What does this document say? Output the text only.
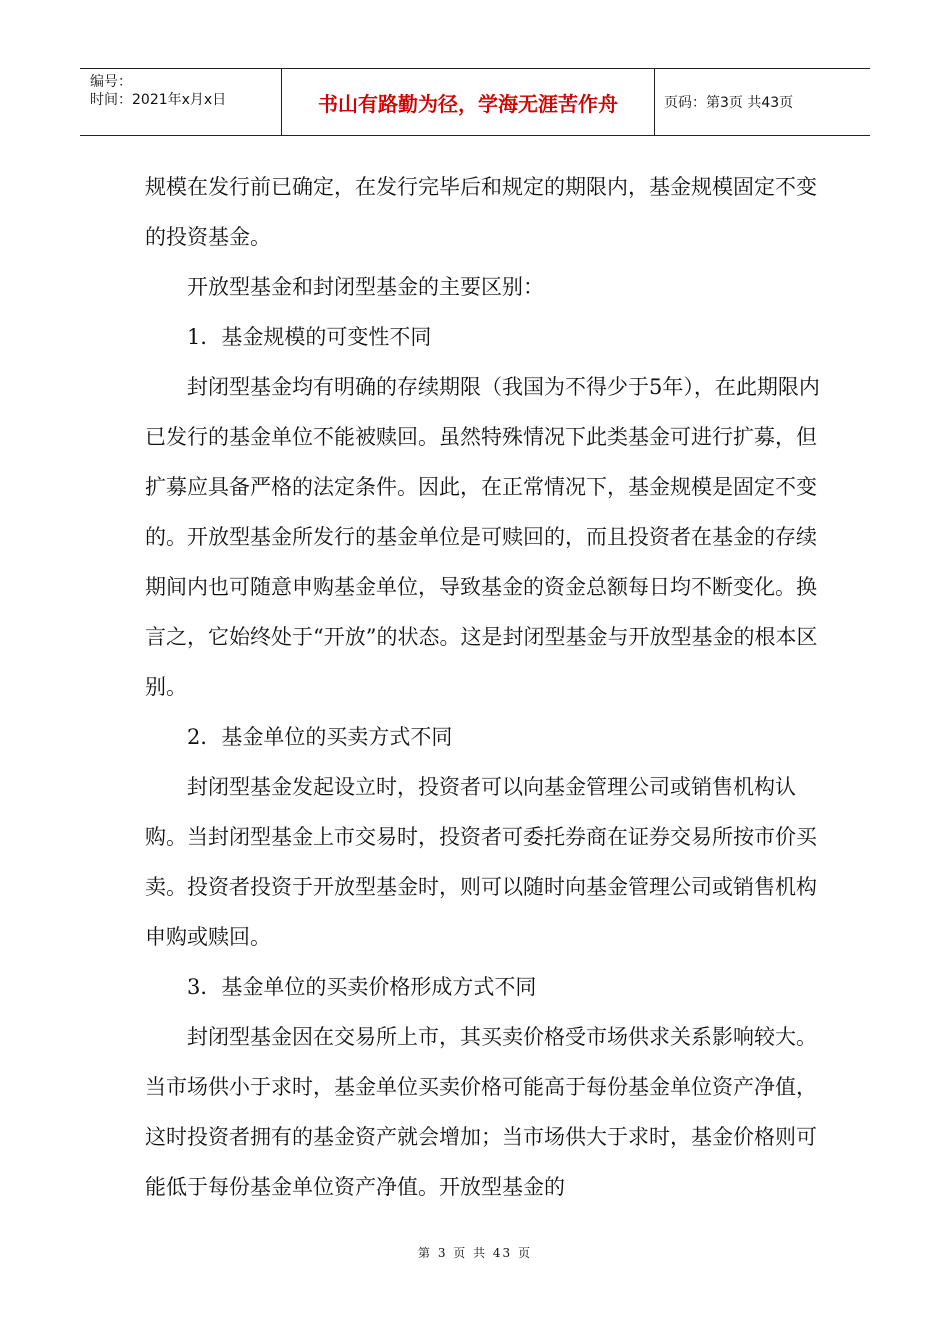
编号：
时间：2021年x月x日	书山有路勤为径，学海无涯苦作舟	页码：第3页 共43页

规模在发行前已确定，在发行完毕后和规定的期限内，基金规模固定不变的投资基金。

开放型基金和封闭型基金的主要区别：

1．基金规模的可变性不同

封闭型基金均有明确的存续期限（我国为不得少于5年），在此期限内已发行的基金单位不能被赎回。虽然特殊情况下此类基金可进行扩募，但扩募应具备严格的法定条件。因此，在正常情况下，基金规模是固定不变的。开放型基金所发行的基金单位是可赎回的，而且投资者在基金的存续期间内也可随意申购基金单位，导致基金的资金总额每日均不断变化。换言之，它始终处于“开放”的状态。这是封闭型基金与开放型基金的根本区别。

2．基金单位的买卖方式不同

封闭型基金发起设立时，投资者可以向基金管理公司或销售机构认购。当封闭型基金上市交易时，投资者可委托券商在证券交易所按市价买卖。投资者投资于开放型基金时，则可以随时向基金管理公司或销售机构申购或赎回。

3．基金单位的买卖价格形成方式不同

封闭型基金因在交易所上市，其买卖价格受市场供求关系影响较大。当市场供小于求时，基金单位买卖价格可能高于每份基金单位资产净值，这时投资者拥有的基金资产就会增加；当市场供大于求时，基金价格则可能低于每份基金单位资产净值。开放型基金的

第 3 页 共 43 页
